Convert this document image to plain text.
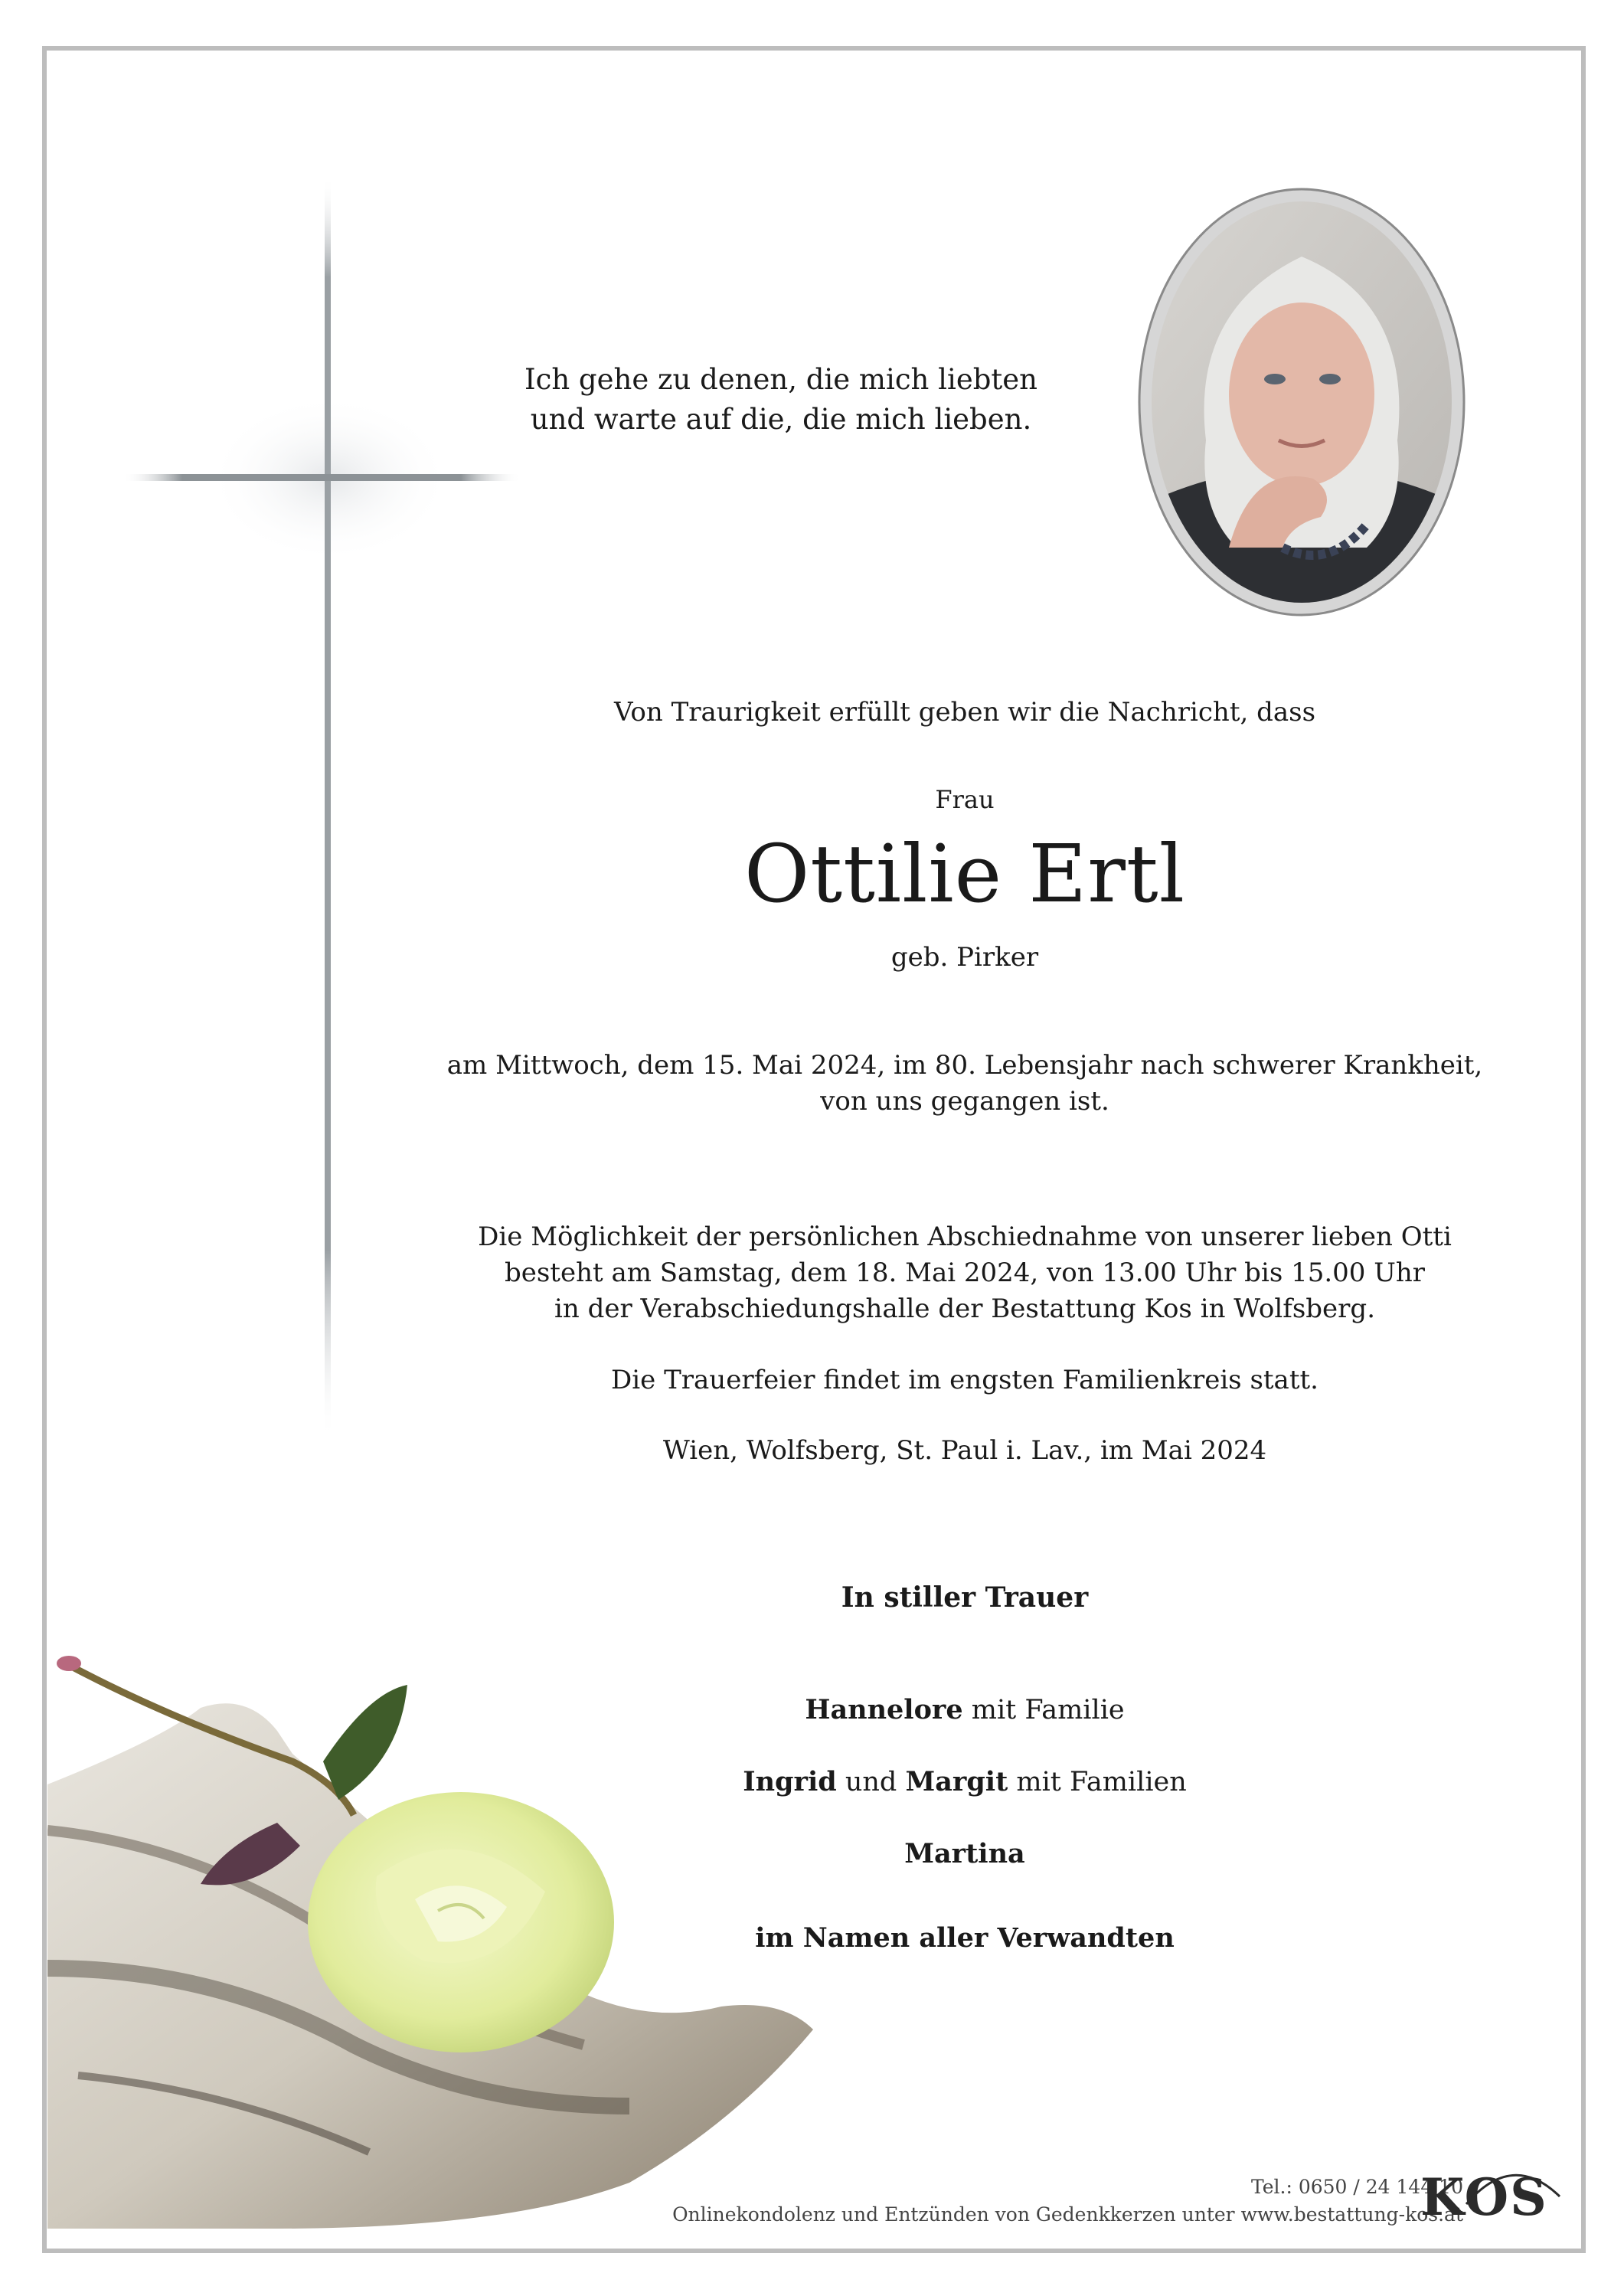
Ich gehe zu denen, die mich liebten
und warte auf die, die mich lieben.
Von Traurigkeit erfüllt geben wir die Nachricht, dass
Frau
Ottilie Ertl
geb. Pirker
am Mittwoch, dem 15. Mai 2024, im 80. Lebensjahr nach schwerer Krankheit,
von uns gegangen ist.
Die Möglichkeit der persönlichen Abschiednahme von unserer lieben Otti
besteht am Samstag, dem 18. Mai 2024, von 13.00 Uhr bis 15.00 Uhr
in der Verabschiedungshalle der Bestattung Kos in Wolfsberg.
Die Trauerfeier findet im engsten Familienkreis statt.
Wien, Wolfsberg, St. Paul i. Lav., im Mai 2024
In stiller Trauer
Hannelore mit Familie
Ingrid und Margit mit Familien
Martina
im Namen aller Verwandten
Tel.: 0650 / 24 144 10
Onlinekondolenz und Entzünden von Gedenkkerzen unter www.bestattung-kos.at
KOS
